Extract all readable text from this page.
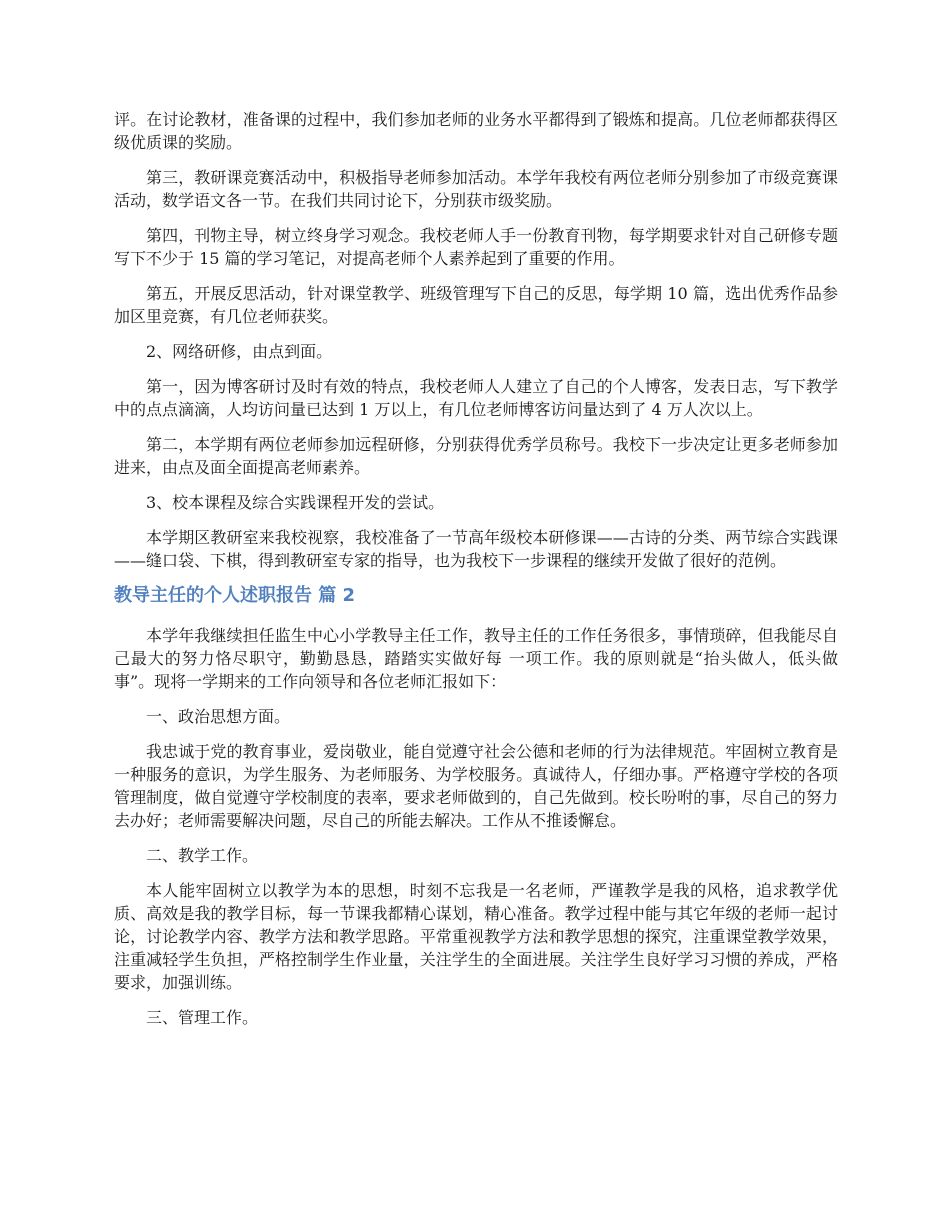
评。在讨论教材，准备课的过程中，我们参加老师的业务水平都得到了锻炼和提高。几位老师都获得区级优质课的奖励。

第三，教研课竞赛活动中，积极指导老师参加活动。本学年我校有两位老师分别参加了市级竞赛课活动，数学语文各一节。在我们共同讨论下，分别获市级奖励。

第四，刊物主导，树立终身学习观念。我校老师人手一份教育刊物，每学期要求针对自己研修专题写下不少于 15 篇的学习笔记，对提高老师个人素养起到了重要的作用。

第五，开展反思活动，针对课堂教学、班级管理写下自己的反思，每学期 10 篇，选出优秀作品参加区里竞赛，有几位老师获奖。

2、网络研修，由点到面。

第一，因为博客研讨及时有效的特点，我校老师人人建立了自己的个人博客，发表日志，写下教学中的点点滴滴，人均访问量已达到 1 万以上，有几位老师博客访问量达到了 4 万人次以上。

第二，本学期有两位老师参加远程研修，分别获得优秀学员称号。我校下一步决定让更多老师参加进来，由点及面全面提高老师素养。

3、校本课程及综合实践课程开发的尝试。

本学期区教研室来我校视察，我校准备了一节高年级校本研修课——古诗的分类、两节综合实践课——缝口袋、下棋，得到教研室专家的指导，也为我校下一步课程的继续开发做了很好的范例。

教导主任的个人述职报告 篇 2

本学年我继续担任监生中心小学教导主任工作，教导主任的工作任务很多，事情琐碎，但我能尽自己最大的努力恪尽职守，勤勤恳恳，踏踏实实做好每 一项工作。我的原则就是“抬头做人，低头做事”。现将一学期来的工作向领导和各位老师汇报如下：

一、政治思想方面。

我忠诚于党的教育事业，爱岗敬业，能自觉遵守社会公德和老师的行为法律规范。牢固树立教育是一种服务的意识，为学生服务、为老师服务、为学校服务。真诚待人，仔细办事。严格遵守学校的各项管理制度，做自觉遵守学校制度的表率，要求老师做到的，自己先做到。校长吩咐的事，尽自己的努力去办好；老师需要解决问题，尽自己的所能去解决。工作从不推诿懈怠。

二、教学工作。

本人能牢固树立以教学为本的思想，时刻不忘我是一名老师，严谨教学是我的风格，追求教学优质、高效是我的教学目标，每一节课我都精心谋划，精心准备。教学过程中能与其它年级的老师一起讨论，讨论教学内容、教学方法和教学思路。平常重视教学方法和教学思想的探究，注重课堂教学效果，注重减轻学生负担，严格控制学生作业量，关注学生的全面进展。关注学生良好学习习惯的养成，严格要求，加强训练。

三、管理工作。
